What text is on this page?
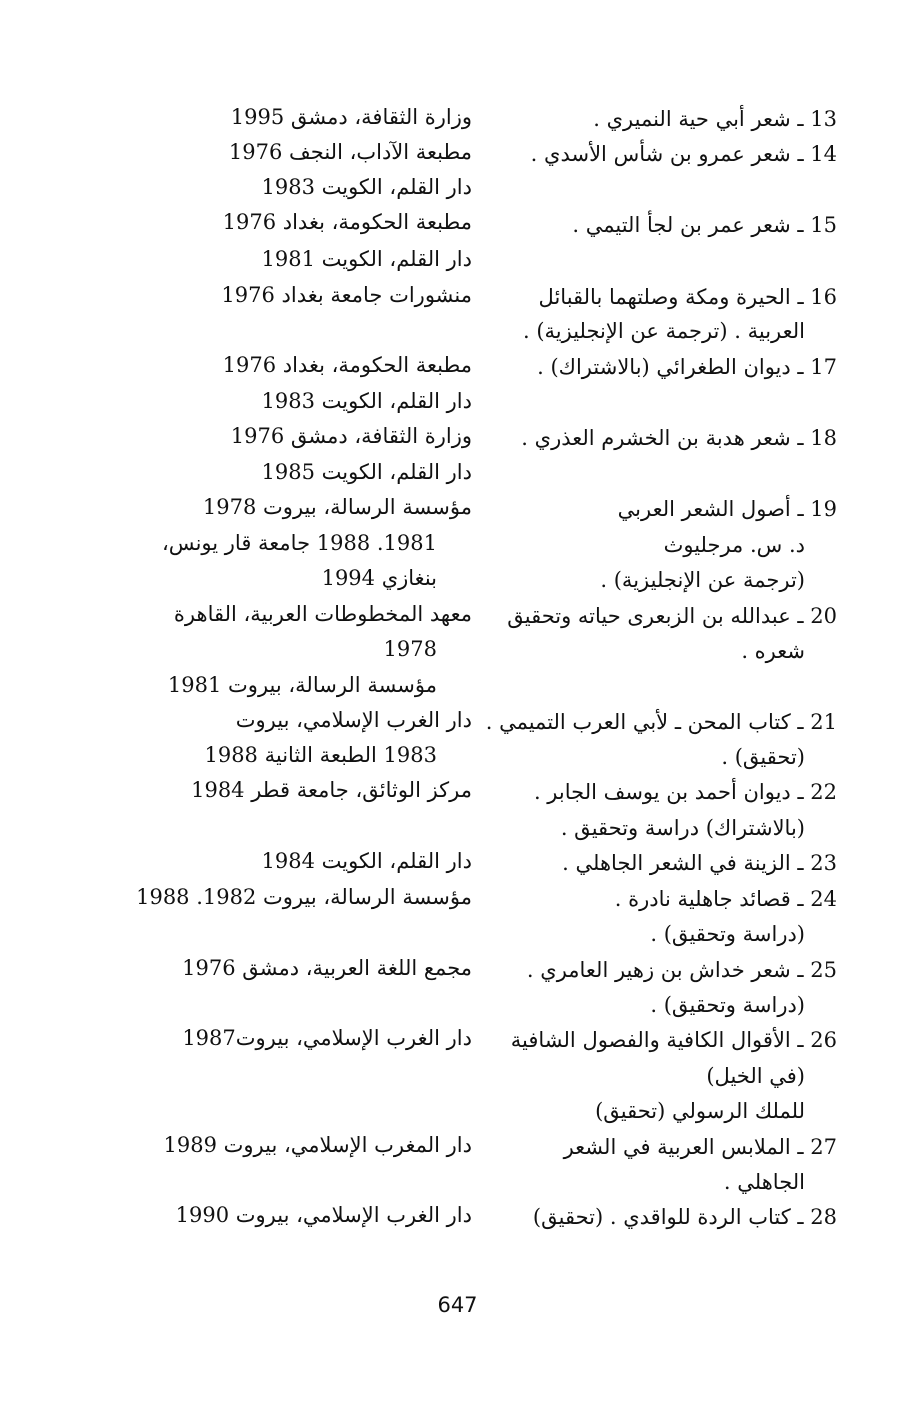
13 ـ شعر أبي حية النميري .
وزارة الثقافة، دمشق 1995
14 ـ شعر عمرو بن شأس الأسدي .
مطبعة الآداب، النجف 1976
دار القلم، الكويت 1983
15 ـ شعر عمر بن لجأ التيمي .
مطبعة الحكومة، بغداد 1976
دار القلم، الكويت 1981
16 ـ الحيرة ومكة وصلتهما بالقبائل
العربية . (ترجمة عن الإنجليزية) .
منشورات جامعة بغداد 1976
17 ـ ديوان الطغرائي (بالاشتراك) .
مطبعة الحكومة، بغداد 1976
دار القلم، الكويت 1983
18 ـ شعر هدبة بن الخشرم العذري .
وزارة الثقافة، دمشق 1976
دار القلم، الكويت 1985
19 ـ أصول الشعر العربي
د. س. مرجليوث
(ترجمة عن الإنجليزية) .
مؤسسة الرسالة، بيروت 1978
1981. 1988 جامعة قار يونس،
بنغازي 1994
20 ـ عبدالله بن الزبعرى حياته وتحقيق
شعره .
معهد المخطوطات العربية، القاهرة
1978
مؤسسة الرسالة، بيروت 1981
21 ـ كتاب المحن ـ لأبي العرب التميمي .
(تحقيق) .
دار الغرب الإسلامي، بيروت
1983 الطبعة الثانية 1988
22 ـ ديوان أحمد بن يوسف الجابر .
(بالاشتراك) دراسة وتحقيق .
مركز الوثائق، جامعة قطر 1984
23 ـ الزينة في الشعر الجاهلي .
دار القلم، الكويت 1984
24 ـ قصائد جاهلية نادرة .
(دراسة وتحقيق) .
مؤسسة الرسالة، بيروت 1982. 1988
25 ـ شعر خداش بن زهير العامري .
(دراسة وتحقيق) .
مجمع اللغة العربية، دمشق 1976
26 ـ الأقوال الكافية والفصول الشافية
(في الخيل)
للملك الرسولي (تحقيق)
دار الغرب الإسلامي، بيروت1987
27 ـ الملابس العربية في الشعر
الجاهلي .
دار المغرب الإسلامي، بيروت 1989
28 ـ كتاب الردة للواقدي . (تحقيق)
دار الغرب الإسلامي، بيروت 1990
647
